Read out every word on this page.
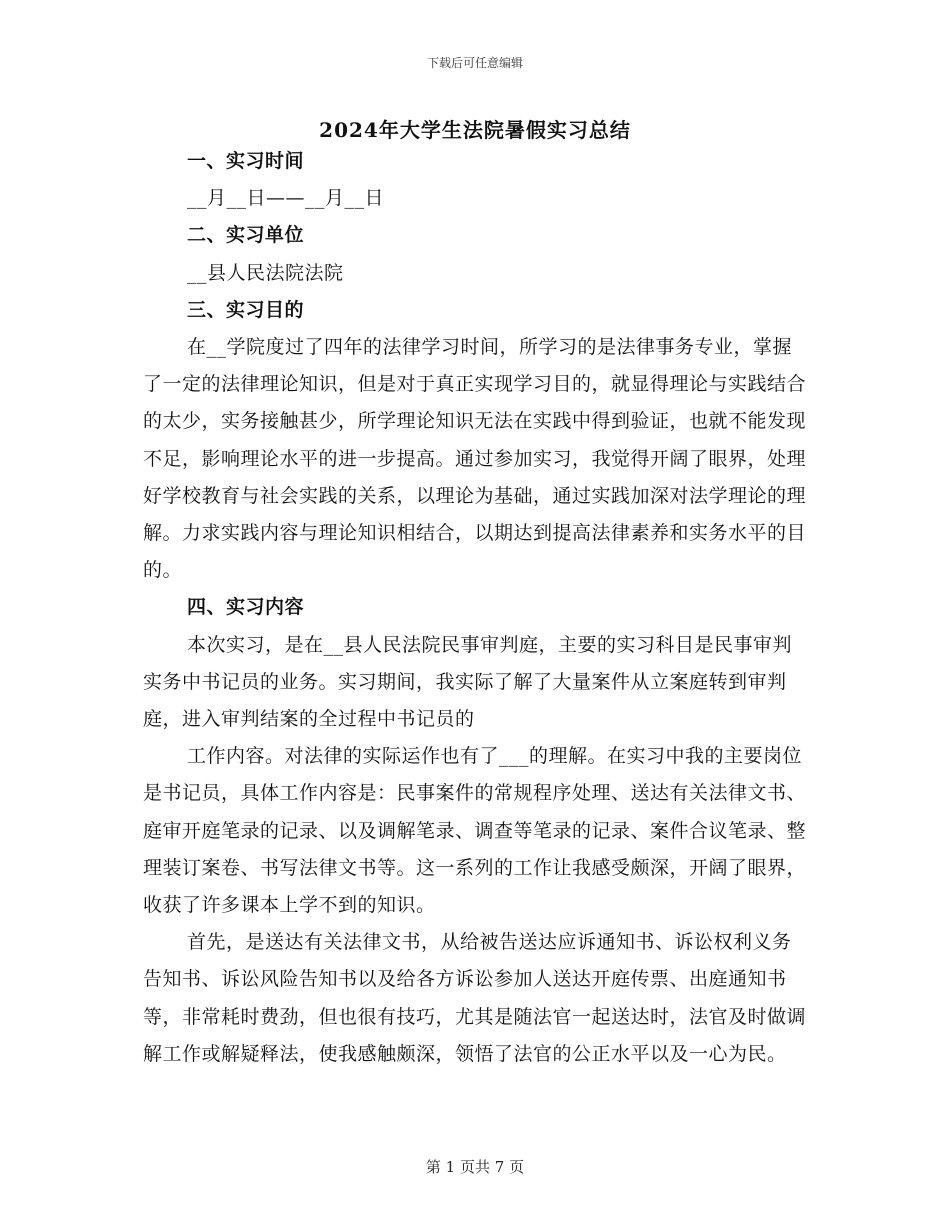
下载后可任意编辑
2024年大学生法院暑假实习总结

一、实习时间

__月__日——__月__日

二、实习单位

__县人民法院法院

三、实习目的

在__学院度过了四年的法律学习时间，所学习的是法律事务专业，掌握了一定的法律理论知识，但是对于真正实现学习目的，就显得理论与实践结合的太少，实务接触甚少，所学理论知识无法在实践中得到验证，也就不能发现不足，影响理论水平的进一步提高。通过参加实习，我觉得开阔了眼界，处理好学校教育与社会实践的关系，以理论为基础，通过实践加深对法学理论的理解。力求实践内容与理论知识相结合，以期达到提高法律素养和实务水平的目的。

四、实习内容

本次实习，是在__县人民法院民事审判庭，主要的实习科目是民事审判实务中书记员的业务。实习期间，我实际了解了大量案件从立案庭转到审判庭，进入审判结案的全过程中书记员的

工作内容。对法律的实际运作也有了___的理解。在实习中我的主要岗位是书记员，具体工作内容是：民事案件的常规程序处理、送达有关法律文书、庭审开庭笔录的记录、以及调解笔录、调查等笔录的记录、案件合议笔录、整理装订案卷、书写法律文书等。这一系列的工作让我感受颇深，开阔了眼界，收获了许多课本上学不到的知识。

首先，是送达有关法律文书，从给被告送达应诉通知书、诉讼权利义务告知书、诉讼风险告知书以及给各方诉讼参加人送达开庭传票、出庭通知书等，非常耗时费劲，但也很有技巧，尤其是随法官一起送达时，法官及时做调解工作或解疑释法，使我感触颇深，领悟了法官的公正水平以及一心为民。

第 1 页共 7 页
